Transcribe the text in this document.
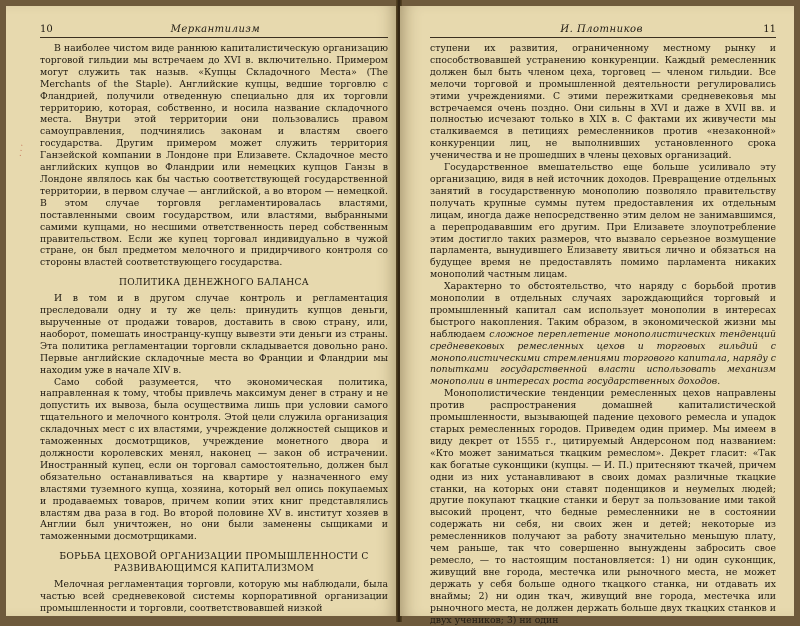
10	Меркантилизм

В наиболее чистом виде раннюю капиталистическую организацию торговой гильдии мы встречаем до XVI в. включительно. Примером могут служить так назыв. «Купцы Складочного Места» (The Merchants of the Staple). Английские купцы, ведшие торговлю с Фландрией, получили отведенную специально для их торговли территорию, которая, собственно, и носила название складочного места. Внутри этой территории они пользовались правом самоуправления, подчинялись законам и властям своего государства. Другим примером может служить территория Ганзейской компании в Лондоне при Елизавете. Складочное место английских купцов во Фландрии или немецких купцов Ганзы в Лондоне являлось как бы частью соответствующей государственной территории, в первом случае — английской, а во втором — немецкой. В этом случае торговля регламентировалась властями, поставленными своим государством, или властями, выбранными самими купцами, но несшими ответственность перед собственным правительством. Если же купец торговал индивидуально в чужой стране, он был предметом мелочного и придирчивого контроля со стороны властей соответствующего государства.

ПОЛИТИКА ДЕНЕЖНОГО БАЛАНСА

И в том и в другом случае контроль и регламентация преследовали одну и ту же цель: принудить купцов деньги, вырученные от продажи товаров, доставить в свою страну, или, наоборот, помешать иностранцу-купцу вывезти эти деньги из страны. Эта политика регламентации торговли складывается довольно рано. Первые английские складочные места во Франции и Фландрии мы находим уже в начале XIV в.

Само собой разумеется, что экономическая политика, направленная к тому, чтобы привлечь максимум денег в страну и не допустить их вывоза, была осуществима лишь при условии самого тщательного и мелочного контроля. Этой цели служила организация складочных мест с их властями, учреждение должностей сыщиков и таможенных досмотрщиков, учреждение монетного двора и должности королевских менял, наконец — закон об истрачении. Иностранный купец, если он торговал самостоятельно, должен был обязательно останавливаться на квартире у назначенного ему властями туземного купца, хозяина, который вел опись покупаемых и продаваемых товаров, причем копии этих книг представлялись властям два раза в год. Во второй половине XV в. институт хозяев в Англии был уничтожен, но они были заменены сыщиками и таможенными досмотрщиками.

БОРЬБА ЦЕХОВОЙ ОРГАНИЗАЦИИ ПРОМЫШЛЕННОСТИ С РАЗВИВАЮЩИМСЯ КАПИТАЛИЗМОМ

Мелочная регламентация торговли, которую мы наблюдали, была частью всей средневековой системы корпоративной организации промышленности и торговли, соответствовавшей низкой

· · ·
И. Плотников	11

ступени их развития, ограниченному местному рынку и способствовавшей устранению конкуренции. Каждый ремесленник должен был быть членом цеха, торговец — членом гильдии. Все мелочи торговой и промышленной деятельности регулировались этими учреждениями. С этими пережитками средневековья мы встречаемся очень поздно. Они сильны в XVI и даже в XVII вв. и полностью исчезают только в XIX в. С фактами их живучести мы сталкиваемся в петициях ремесленников против «незаконной» конкуренции лиц, не выполнивших установленного срока ученичества и не прошедших в члены цеховых организаций.

Государственное вмешательство еще больше усиливало эту организацию, видя в ней источник доходов. Превращение отдельных занятий в государственную монополию позволяло правительству получать крупные суммы путем предоставления их отдельным лицам, иногда даже непосредственно этим делом не занимавшимся, а перепродававшим его другим. При Елизавете злоупотребление этим достигло таких размеров, что вызвало серьезное возмущение парламента, вынудившего Елизавету явиться лично и обязаться на будущее время не предоставлять помимо парламента никаких монополий частным лицам.

Характерно то обстоятельство, что наряду с борьбой против монополии в отдельных случаях зарождающийся торговый и промышленный капитал сам использует монополии в интересах быстрого накопления. Таким образом, в экономической жизни мы наблюдаем сложное переплетение монополистических тенденций средневековых ремесленных цехов и торговых гильдий с монополистическими стремлениями торгового капитала, наряду с попытками государственной власти использовать механизм монополии в интересах роста государственных доходов.

Монополистические тенденции ремесленных цехов направлены против распространения домашней капиталистической промышленности, вызывающей падение цехового ремесла и упадок старых ремесленных городов. Приведем один пример. Мы имеем в виду декрет от 1555 г., цитируемый Андерсоном под названием: «Кто может заниматься ткацким ремеслом». Декрет гласит: «Так как богатые суконщики (купцы. — И. П.) притесняют ткачей, причем одни из них устанавливают в своих домах различные ткацкие станки, на которых они ставят поденщиков и неумелых людей; другие покупают ткацкие станки и берут за пользование ими такой высокий процент, что бедные ремесленники не в состоянии содержать ни себя, ни своих жен и детей; некоторые из ремесленников получают за работу значительно меньшую плату, чем раньше, так что совершенно вынуждены забросить свое ремесло, — то настоящим постановляется: 1) ни один суконщик, живущий вне города, местечка или рыночного места, не может держать у себя больше одного ткацкого станка, ни отдавать их внаймы; 2) ни один ткач, живущий вне города, местечка или рыночного места, не должен держать больше двух ткацких станков и двух учеников; 3) ни один
